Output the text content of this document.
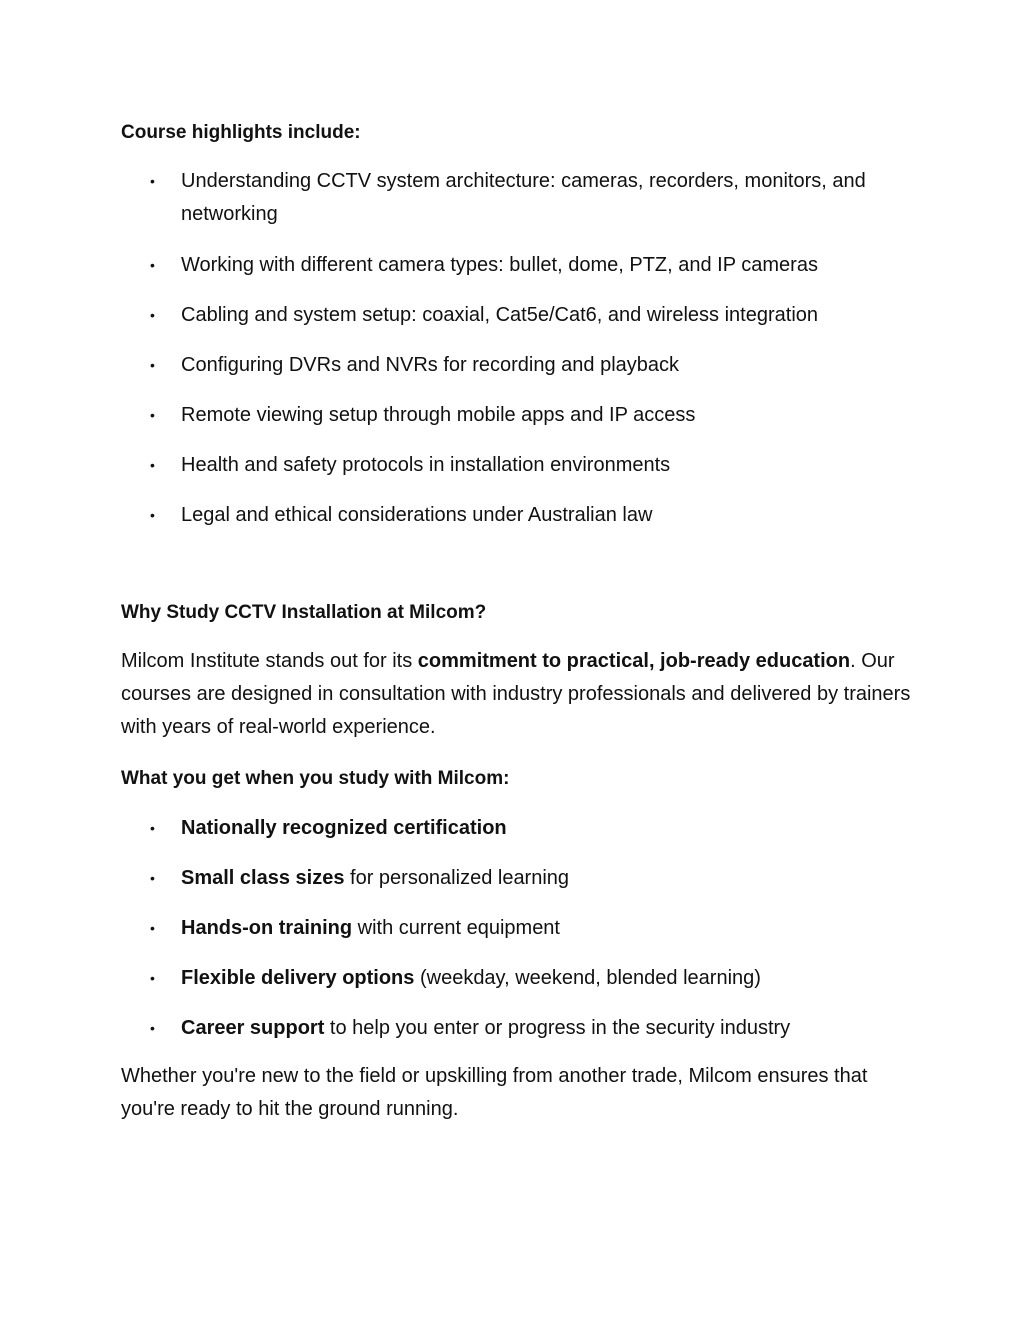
Course highlights include:
• Understanding CCTV system architecture: cameras, recorders, monitors, and networking
• Working with different camera types: bullet, dome, PTZ, and IP cameras
• Cabling and system setup: coaxial, Cat5e/Cat6, and wireless integration
• Configuring DVRs and NVRs for recording and playback
• Remote viewing setup through mobile apps and IP access
• Health and safety protocols in installation environments
• Legal and ethical considerations under Australian law
Why Study CCTV Installation at Milcom?
Milcom Institute stands out for its commitment to practical, job-ready education. Our courses are designed in consultation with industry professionals and delivered by trainers with years of real-world experience.
What you get when you study with Milcom:
• Nationally recognized certification
• Small class sizes for personalized learning
• Hands-on training with current equipment
• Flexible delivery options (weekday, weekend, blended learning)
• Career support to help you enter or progress in the security industry
Whether you're new to the field or upskilling from another trade, Milcom ensures that you're ready to hit the ground running.
